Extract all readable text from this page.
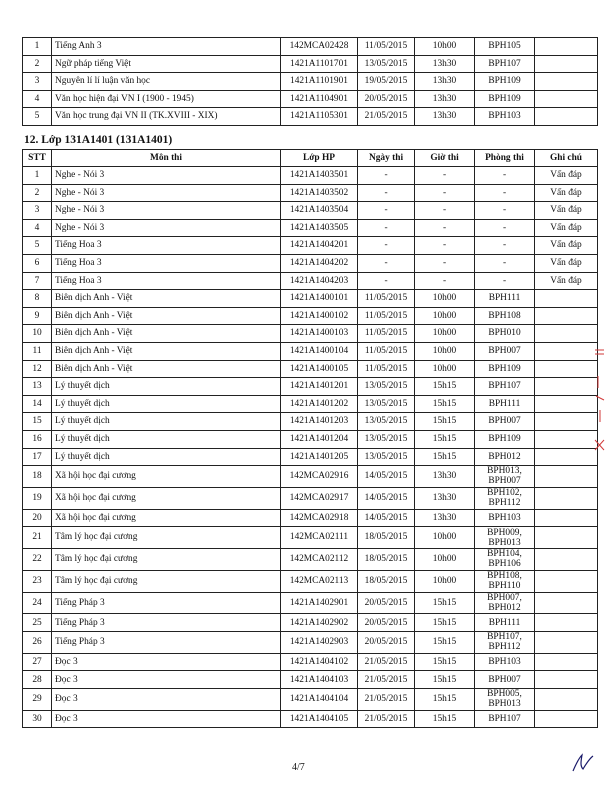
1	Tiếng Anh 3	142MCA02428	11/05/2015	10h00	BPH105	
2	Ngữ pháp tiếng Việt	1421A1101701	13/05/2015	13h30	BPH107	
3	Nguyên lí lí luận văn học	1421A1101901	19/05/2015	13h30	BPH109	
4	Văn học hiện đại VN I (1900 - 1945)	1421A1104901	20/05/2015	13h30	BPH109	
5	Văn học trung đại VN II (TK.XVIII - XIX)	1421A1105301	21/05/2015	13h30	BPH103	
12. Lớp 131A1401 (131A1401)
STT	Môn thi	Lớp HP	Ngày thi	Giờ thi	Phòng thi	Ghi chú
1	Nghe - Nói 3	1421A1403501	-	-	-	Vấn đáp
2	Nghe - Nói 3	1421A1403502	-	-	-	Vấn đáp
3	Nghe - Nói 3	1421A1403504	-	-	-	Vấn đáp
4	Nghe - Nói 3	1421A1403505	-	-	-	Vấn đáp
5	Tiếng Hoa 3	1421A1404201	-	-	-	Vấn đáp
6	Tiếng Hoa 3	1421A1404202	-	-	-	Vấn đáp
7	Tiếng Hoa 3	1421A1404203	-	-	-	Vấn đáp
8	Biên dịch Anh - Việt	1421A1400101	11/05/2015	10h00	BPH111	
9	Biên dịch Anh - Việt	1421A1400102	11/05/2015	10h00	BPH108	
10	Biên dịch Anh - Việt	1421A1400103	11/05/2015	10h00	BPH010	
11	Biên dịch Anh - Việt	1421A1400104	11/05/2015	10h00	BPH007	
12	Biên dịch Anh - Việt	1421A1400105	11/05/2015	10h00	BPH109	
13	Lý thuyết dịch	1421A1401201	13/05/2015	15h15	BPH107	
14	Lý thuyết dịch	1421A1401202	13/05/2015	15h15	BPH111	
15	Lý thuyết dịch	1421A1401203	13/05/2015	15h15	BPH007	
16	Lý thuyết dịch	1421A1401204	13/05/2015	15h15	BPH109	
17	Lý thuyết dịch	1421A1401205	13/05/2015	15h15	BPH012	
18	Xã hội học đại cương	142MCA02916	14/05/2015	13h30	BPH013, BPH007	
19	Xã hội học đại cương	142MCA02917	14/05/2015	13h30	BPH102, BPH112	
20	Xã hội học đại cương	142MCA02918	14/05/2015	13h30	BPH103	
21	Tâm lý học đại cương	142MCA02111	18/05/2015	10h00	BPH009, BPH013	
22	Tâm lý học đại cương	142MCA02112	18/05/2015	10h00	BPH104, BPH106	
23	Tâm lý học đại cương	142MCA02113	18/05/2015	10h00	BPH108, BPH110	
24	Tiếng Pháp 3	1421A1402901	20/05/2015	15h15	BPH007, BPH012	
25	Tiếng Pháp 3	1421A1402902	20/05/2015	15h15	BPH111	
26	Tiếng Pháp 3	1421A1402903	20/05/2015	15h15	BPH107, BPH112	
27	Đọc 3	1421A1404102	21/05/2015	15h15	BPH103	
28	Đọc 3	1421A1404103	21/05/2015	15h15	BPH007	
29	Đọc 3	1421A1404104	21/05/2015	15h15	BPH005, BPH013	
30	Đọc 3	1421A1404105	21/05/2015	15h15	BPH107	
4/7
